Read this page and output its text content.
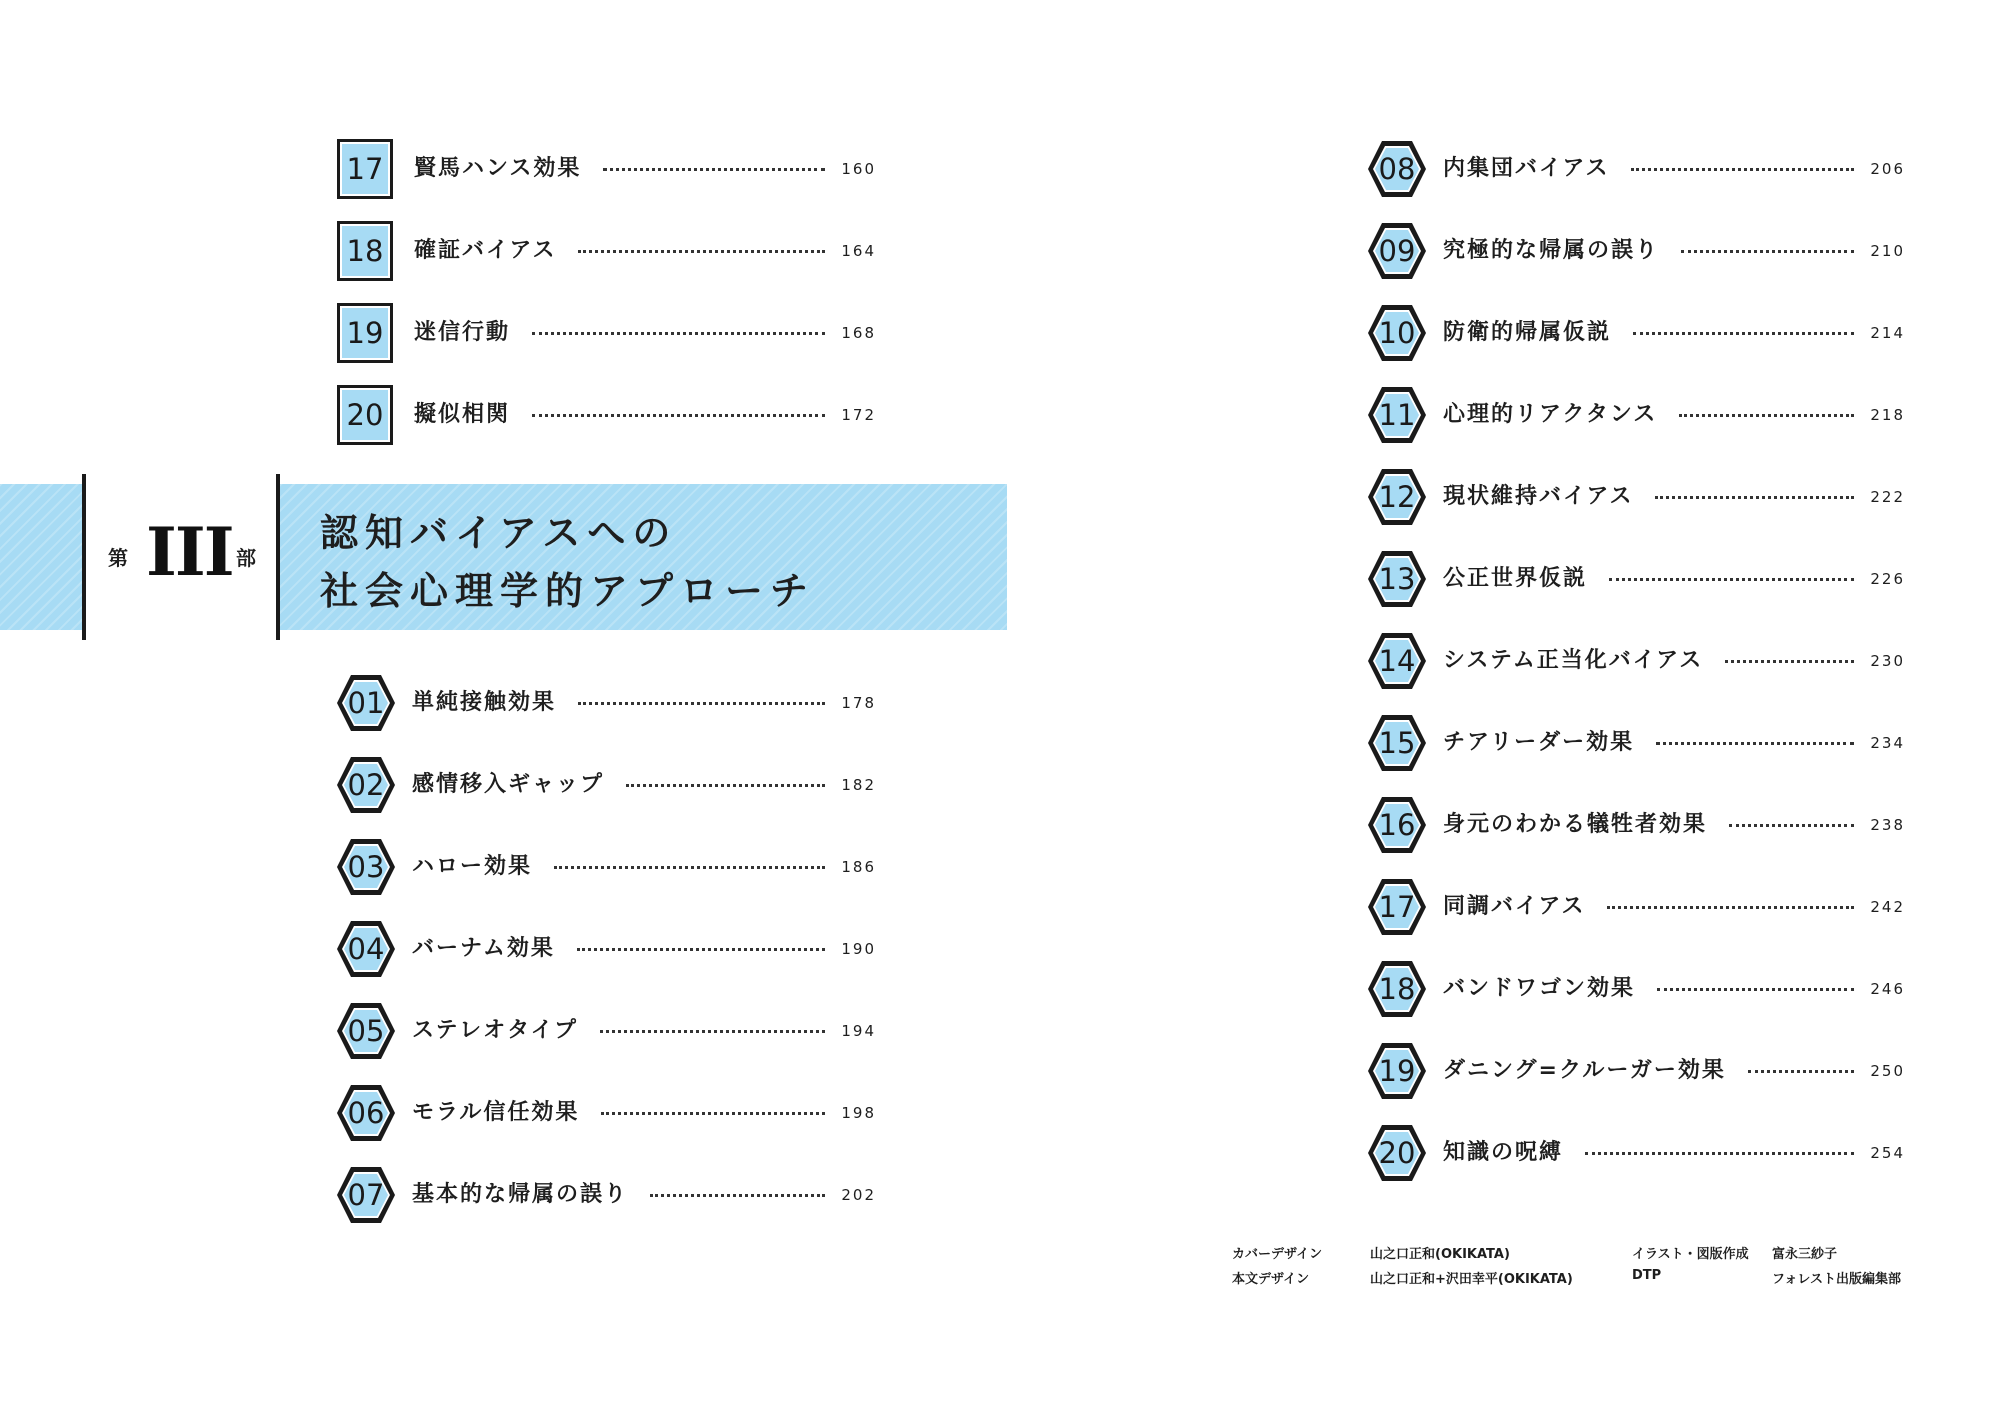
第 III 部
認知バイアスへの
社会心理学的アプローチ
17	賢馬ハンス効果	160
18	確証バイアス	164
19	迷信行動	168
20	擬似相関	172
01	単純接触効果	178
02	感情移入ギャップ	182
03	ハロー効果	186
04	バーナム効果	190
05	ステレオタイプ	194
06	モラル信任効果	198
07	基本的な帰属の誤り	202
08	内集団バイアス	206
09	究極的な帰属の誤り	210
10	防衛的帰属仮説	214
11	心理的リアクタンス	218
12	現状維持バイアス	222
13	公正世界仮説	226
14	システム正当化バイアス	230
15	チアリーダー効果	234
16	身元のわかる犠牲者効果	238
17	同調バイアス	242
18	バンドワゴン効果	246
19	ダニング=クルーガー効果	250
20	知識の呪縛	254
カバーデザイン	山之口正和(OKIKATA)	イラスト・図版作成 富永三紗子
本文デザイン	山之口正和+沢田幸平(OKIKATA)	DTP	フォレスト出版編集部
